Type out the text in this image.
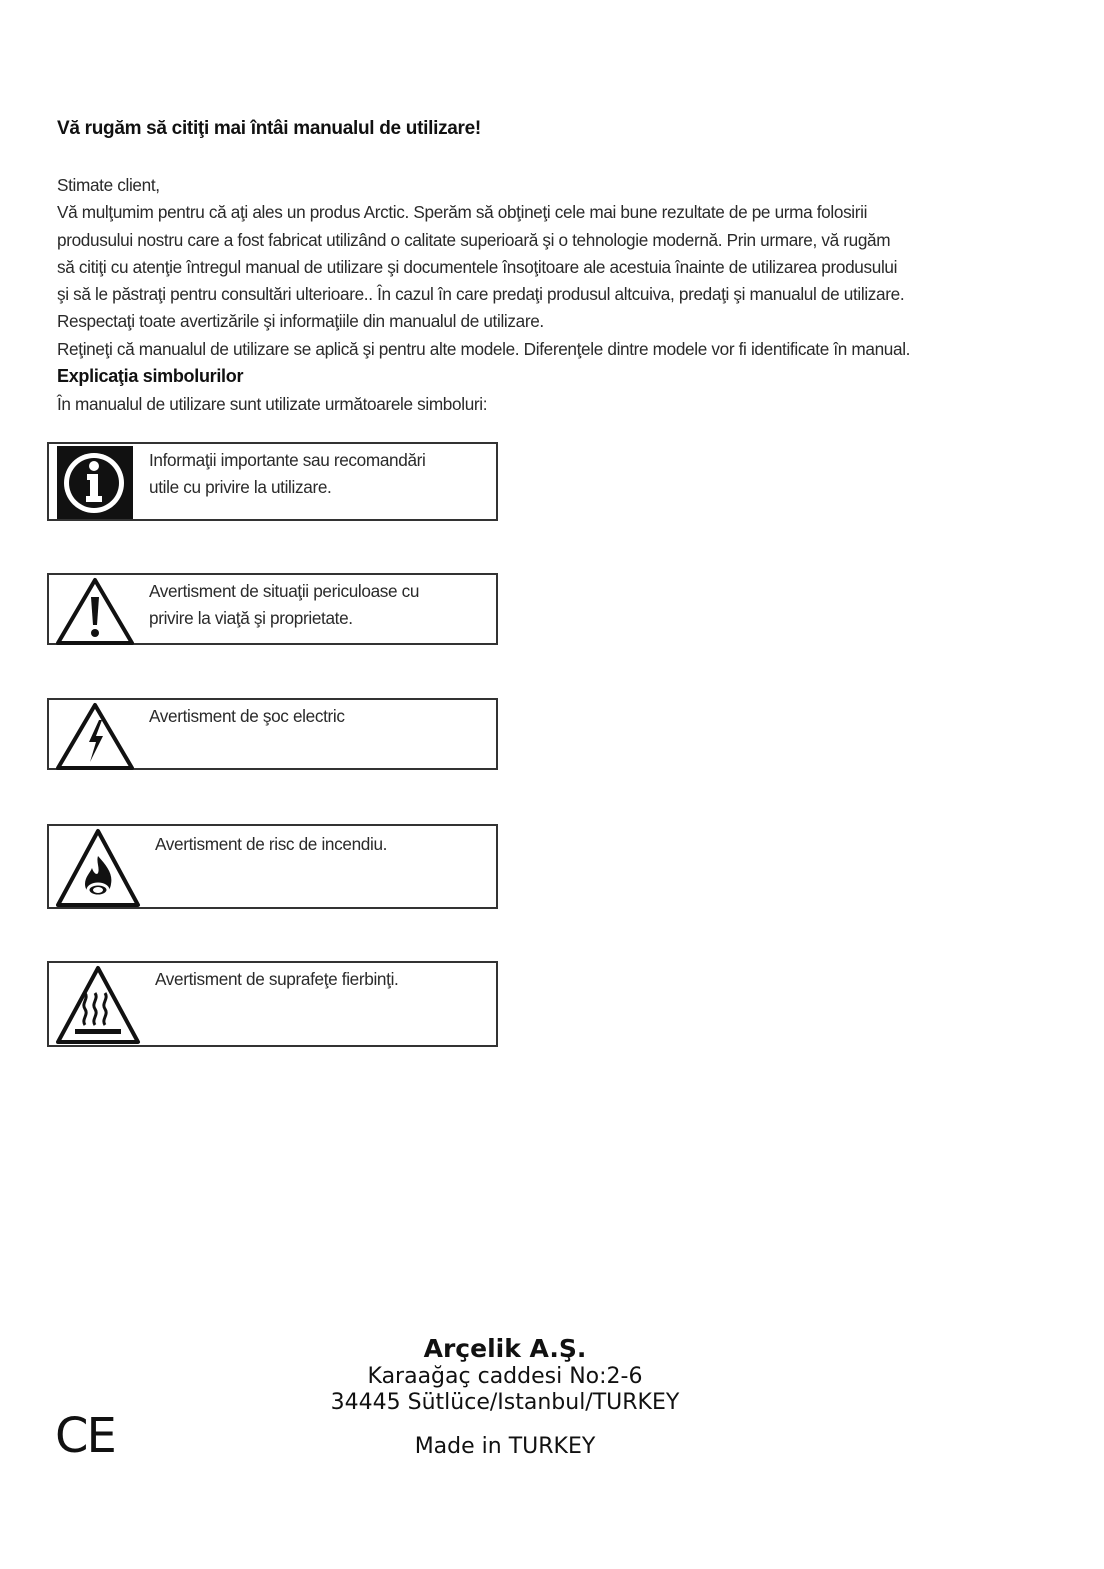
Vă rugăm să citiţi mai întâi manualul de utilizare!

Stimate client,

Vă mulţumim pentru că aţi ales un produs Arctic. Sperăm să obţineţi cele mai bune rezultate de pe urma folosirii

produsului nostru care a fost fabricat utilizând o calitate superioară şi o tehnologie modernă. Prin urmare, vă rugăm

să citiţi cu atenţie întregul manual de utilizare şi documentele însoţitoare ale acestuia înainte de utilizarea produsului

şi să le păstraţi pentru consultări ulterioare.. În cazul în care predaţi produsul altcuiva, predaţi şi manualul de utilizare.

Respectaţi toate avertizările şi informaţiile din manualul de utilizare.

Reţineţi că manualul de utilizare se aplică şi pentru alte modele. Diferenţele dintre modele vor fi identificate în manual.

Explicaţia simbolurilor
În manualul de utilizare sunt utilizate următoarele simboluri:
Informaţii importante sau recomandări
utile cu privire la utilizare.
Avertisment de situaţii periculoase cu
privire la viaţă şi proprietate.
Avertisment de şoc electric
Avertisment de risc de incendiu.
Avertisment de suprafeţe fierbinţi.
CE
Arçelik A.Ş.
Karaağaç caddesi No:2-6
34445 Sütlüce/Istanbul/TURKEY
Made in TURKEY
